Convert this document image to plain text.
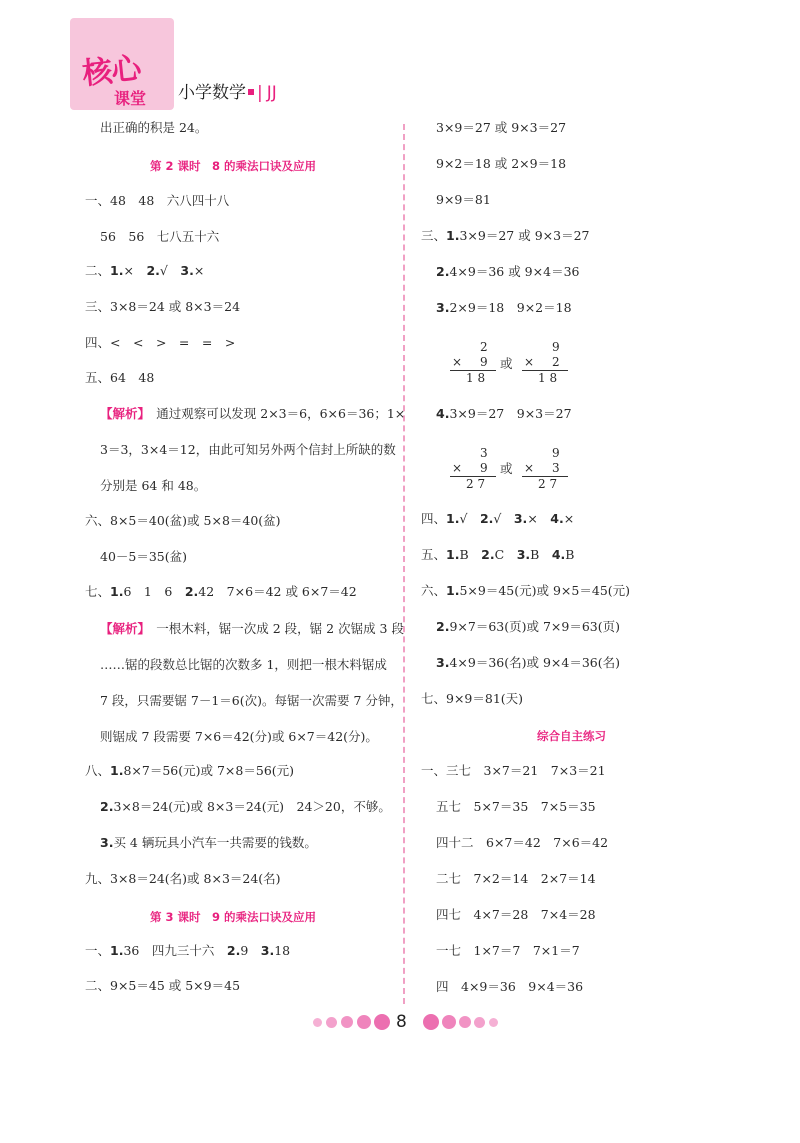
核心
课堂 小学数学 | JJ
出正确的积是 24。
第 2 课时　8 的乘法口诀及应用
一、48　48　六八四十八
56　56　七八五十六
二、1.×　2.√　3.×
三、3×8＝24 或 8×3＝24
四、<　<　>　=　=　>
五、64　48
【解析】　通过观察可以发现 2×3＝6，6×6＝36；1×
3＝3，3×4＝12，由此可知另外两个信封上所缺的数
分别是 64 和 48。
六、8×5＝40(盆)或 5×8＝40(盆)
40－5＝35(盆)
七、1.6　1　6　2.42　7×6＝42 或 6×7＝42
【解析】　一根木料，锯一次成 2 段，锯 2 次锯成 3 段
……锯的段数总比锯的次数多 1，则把一根木料锯成
7 段，只需要锯 7－1＝6(次)。每锯一次需要 7 分钟，
则锯成 7 段需要 7×6＝42(分)或 6×7＝42(分)。
八、1.8×7＝56(元)或 7×8＝56(元)
2.3×8＝24(元)或 8×3＝24(元)　24＞20，不够。
3.买 4 辆玩具小汽车一共需要的钱数。
九、3×8＝24(名)或 8×3＝24(名)
第 3 课时　9 的乘法口诀及应用
一、1.36　四九三十六　2.9　3.18
二、9×5＝45 或 5×9＝45
3×9＝27 或 9×3＝27
9×2＝18 或 2×9＝18
9×9＝81
三、1.3×9＝27 或 9×3＝27
2.4×9＝36 或 9×4＝36
3.2×9＝18　9×2＝18
2
× 9
1 8
或
9
× 2
1 8
4.3×9＝27　9×3＝27
3
× 9
2 7
或
9
× 3
2 7
四、1.√　2.√　3.×　4.×
五、1.B　2.C　3.B　4.B
六、1.5×9＝45(元)或 9×5＝45(元)
2.9×7＝63(页)或 7×9＝63(页)
3.4×9＝36(名)或 9×4＝36(名)
七、9×9＝81(天)
综合自主练习
一、三七　3×7＝21　7×3＝21
五七　5×7＝35　7×5＝35
四十二　6×7＝42　7×6＝42
二七　7×2＝14　2×7＝14
四七　4×7＝28　7×4＝28
一七　1×7＝7　7×1＝7
四　4×9＝36　9×4＝36
8
